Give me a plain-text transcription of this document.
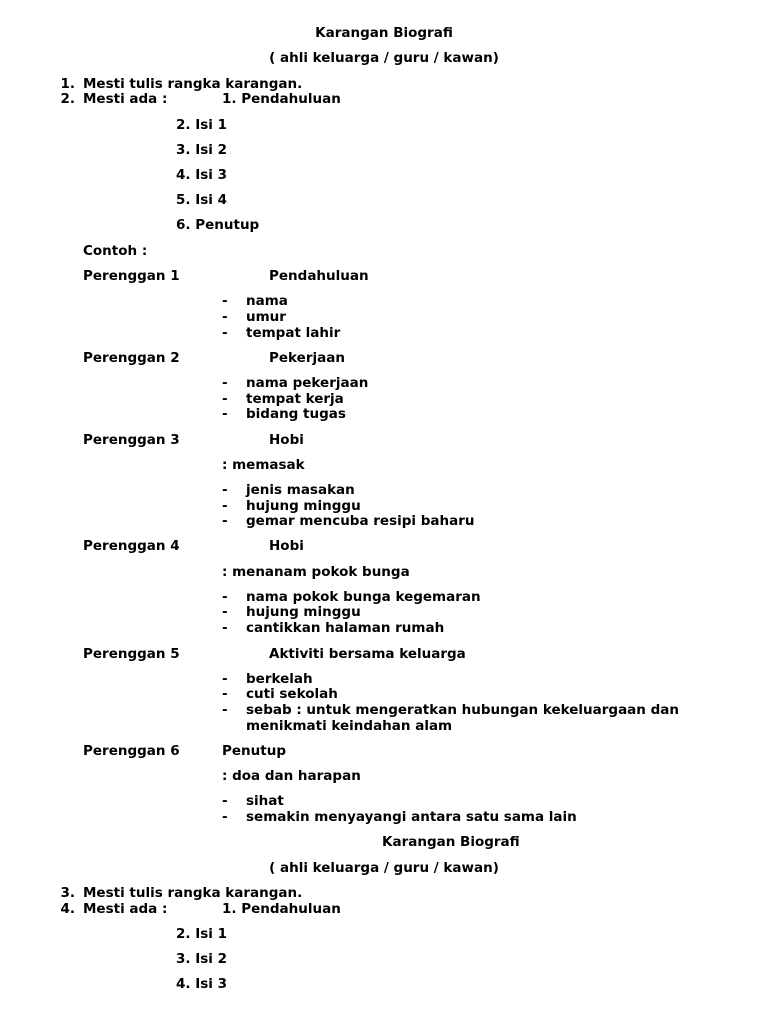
Karangan Biografi
( ahli keluarga / guru / kawan)
1. Mesti tulis rangka karangan.
2. Mesti ada :	1. Pendahuluan
2. Isi 1
3. Isi 2
4. Isi 3
5. Isi 4
6. Penutup
Contoh :
Perenggan 1	Pendahuluan
- nama
- umur
- tempat lahir
Perenggan 2	Pekerjaan
- nama pekerjaan
- tempat kerja
- bidang tugas
Perenggan 3	Hobi
: memasak
- jenis masakan
- hujung minggu
- gemar mencuba resipi baharu
Perenggan 4	Hobi
: menanam pokok bunga
- nama pokok bunga kegemaran
- hujung minggu
- cantikkan halaman rumah
Perenggan 5	Aktiviti bersama keluarga
- berkelah
- cuti sekolah
- sebab : untuk mengeratkan hubungan kekeluargaan dan
menikmati keindahan alam
Perenggan 6	Penutup
: doa dan harapan
- sihat
- semakin menyayangi antara satu sama lain
Karangan Biografi
( ahli keluarga / guru / kawan)
3. Mesti tulis rangka karangan.
4. Mesti ada :	1. Pendahuluan
2. Isi 1
3. Isi 2
4. Isi 3
